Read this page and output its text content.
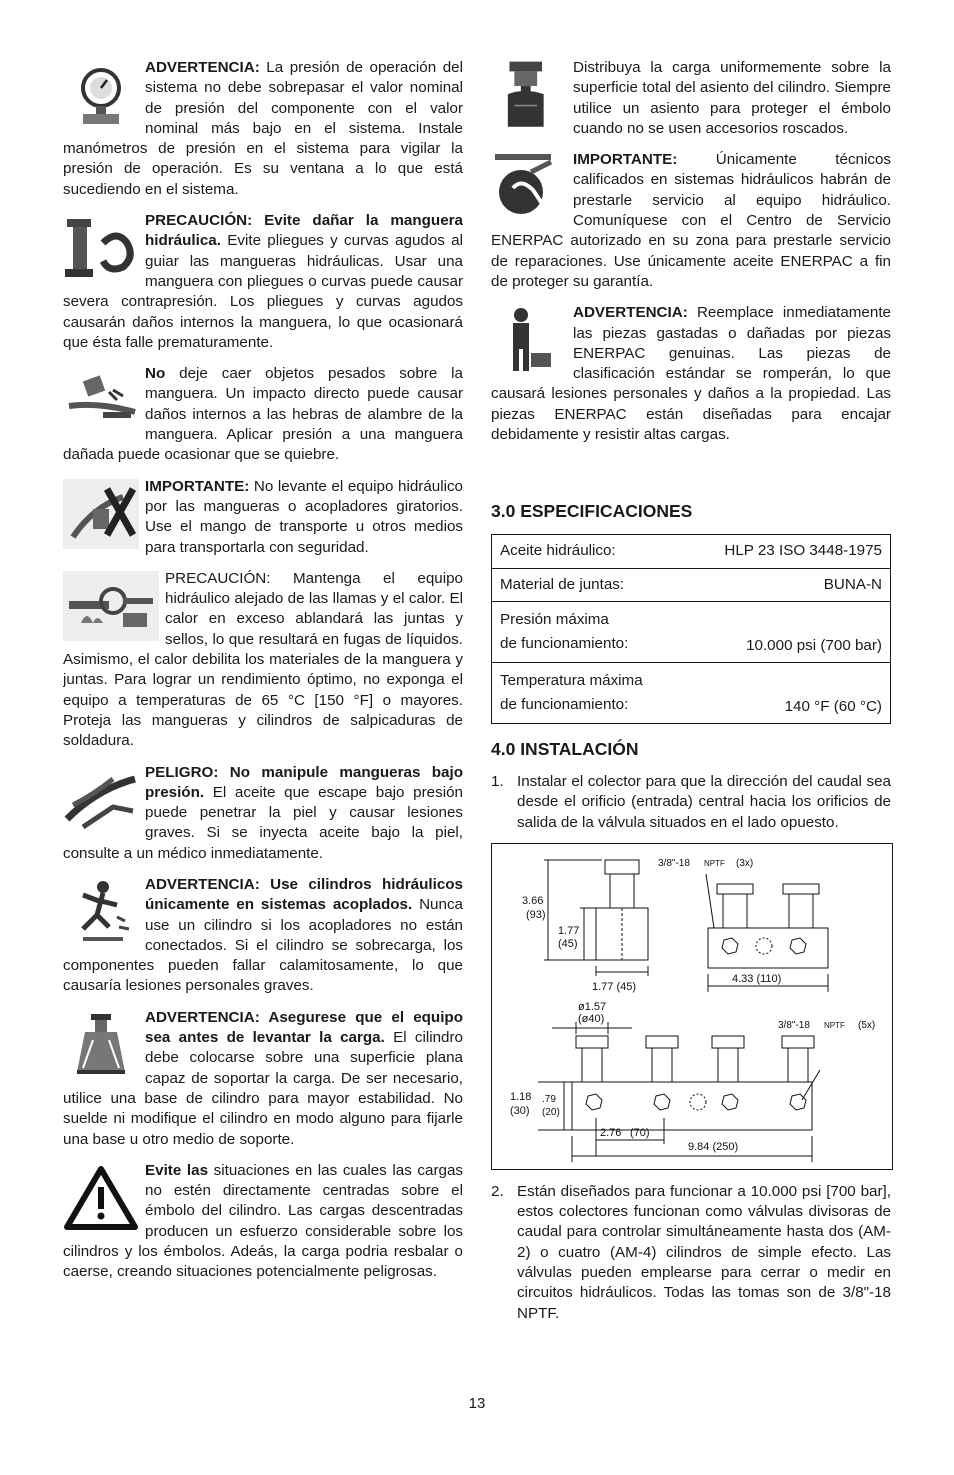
ADVERTENCIA: La presión de operación del sistema no debe sobrepasar el valor nominal de presión del componente con el valor nominal más bajo en el sistema. Instale manómetros de presión en el sistema para vigilar la presión de operación. Es su ventana a lo que está sucediendo en el sistema.

PRECAUCIÓN: Evite dañar la manguera hidráulica. Evite pliegues y curvas agudos al guiar las mangueras hidráulicas. Usar una manguera con pliegues o curvas puede causar severa contrapresión. Los pliegues y curvas agudos causarán daños internos la manguera, lo que ocasionará que ésta falle prematuramente.

No deje caer objetos pesados sobre la manguera. Un impacto directo puede causar daños internos a las hebras de alambre de la manguera. Aplicar presión a una manguera dañada puede ocasionar que se quiebre.

IMPORTANTE: No levante el equipo hidráulico por las mangueras o acopladores giratorios. Use el mango de transporte u otros medios para transportarla con seguridad.

PRECAUCIÓN: Mantenga el equipo hidráulico alejado de las llamas y el calor. El calor en exceso ablandará las juntas y sellos, lo que resultará en fugas de líquidos. Asimismo, el calor debilita los materiales de la manguera y juntas. Para lograr un rendimiento óptimo, no exponga el equipo a temperaturas de 65 °C [150 °F] o mayores. Proteja las mangueras y cilindros de salpicaduras de soldadura.

PELIGRO: No manipule mangueras bajo presión. El aceite que escape bajo presión puede penetrar la piel y causar lesiones graves. Si se inyecta aceite bajo la piel, consulte a un médico inmediatamente.

ADVERTENCIA: Use cilindros hidráulicos únicamente en sistemas acoplados. Nunca use un cilindro si los acopladores no están conectados. Si el cilindro se sobrecarga, los componentes pueden fallar calamitosamente, lo que causaría lesiones personales graves.

ADVERTENCIA: Asegurese que el equipo sea antes de levantar la carga. El cilindro debe colocarse sobre una superficie plana capaz de soportar la carga. De ser necesario, utilice una base de cilindro para mayor estabilidad. No suelde ni modifique el cilindro en modo alguno para fijarle una base u otro medio de soporte.

Evite las situaciones en las cuales las cargas no estén directamente centradas sobre el émbolo del cilindro. Las cargas descentradas producen un esfuerzo considerable sobre los cilindros y los émbolos. Adeás, la carga podria resbalar o caerse, creando situaciones potencialmente peligrosas.

Distribuya la carga uniformemente sobre la superficie total del asiento del cilindro. Siempre utilice un asiento para proteger el émbolo cuando no se usen accesorios roscados.

IMPORTANTE: Únicamente técnicos calificados en sistemas hidráulicos habrán de prestarle servicio al equipo hidráulico. Comuníquese con el Centro de Servicio ENERPAC autorizado en su zona para prestarle servicio de reparaciones. Use únicamente aceite ENERPAC a fin de proteger su garantía.

ADVERTENCIA: Reemplace inmediatamente las piezas gastadas o dañadas por piezas ENERPAC genuinas. Las piezas de clasificación estándar se romperán, lo que causará lesiones personales y daños a la propiedad. Las piezas ENERPAC están diseñadas para encajar debidamente y resistir altas cargas.

3.0 ESPECIFICACIONES
Aceite hidráulico:	HLP 23 ISO 3448-1975
Material de juntas:	BUNA-N
Presión máxima
de funcionamiento:	10.000 psi (700 bar)
Temperatura máxima
de funcionamiento:	140 °F (60 °C)
4.0 INSTALACIÓN
1. Instalar el colector para que la dirección del caudal sea desde el orificio (entrada) central hacia los orificios de salida de la válvula situados en el lado opuesto.
3.66
(93)
1.77
(45)
1.77 (45)
3/8"-18 NPTF (3x)
4.33 (110)
ø1.57
(ø40)
3/8"-18 NPTF (5x)
1.18
(30)
.79
(20)
2.76 (70)
9.84 (250)
2. Están diseñados para funcionar a 10.000 psi [700 bar], estos colectores funcionan como válvulas divisoras de caudal para controlar simultáneamente hasta dos (AM-2) o cuatro (AM-4) cilindros de simple efecto. Las válvulas pueden emplearse para cerrar o medir en circuitos hidráulicos. Todas las tomas son de 3/8"-18 NPTF.
13
